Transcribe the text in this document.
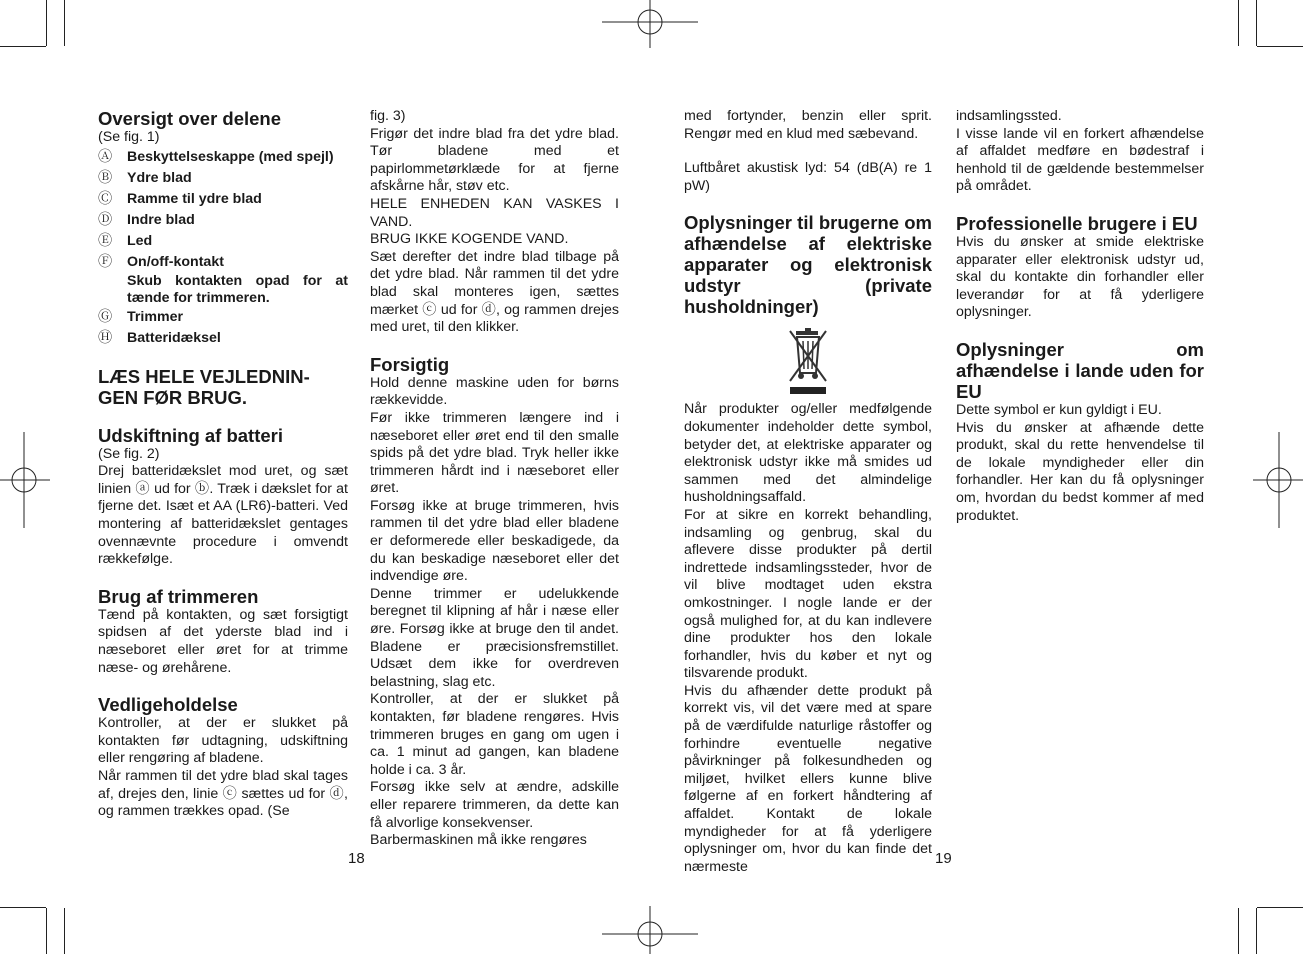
Oversigt over delene

(Se fig. 1)

Ⓐ	Beskyttelseskappe (med spejl)
Ⓑ	Ydre blad
Ⓒ	Ramme til ydre blad
Ⓓ	Indre blad
Ⓔ	Led
Ⓕ	On/off-kontakt
Skub kontakten opad for at tænde for trimmeren.
Ⓖ	Trimmer
Ⓗ	Batteridæksel
LÆS HELE VEJLEDNIN-GEN FØR BRUG.
Udskiftning af batteri

(Se fig. 2)

Drej batteridækslet mod uret, og sæt linien ⓐ ud for ⓑ. Træk i dækslet for at fjerne det. Isæt et AA (LR6)-batteri. Ved montering af batteridækslet gentages ovennævnte procedure i omvendt rækkefølge.

Brug af trimmeren

Tænd på kontakten, og sæt forsigtigt spidsen af det yderste blad ind i næseboret eller øret for at trimme næse- og ørehårene.

Vedligeholdelse

Kontroller, at der er slukket på kontakten før udtagning, udskiftning eller rengøring af bladene.

Når rammen til det ydre blad skal tages af, drejes den, linie ⓒ sættes ud for ⓓ, og rammen trækkes opad. (Se

fig. 3)

Frigør det indre blad fra det ydre blad. Tør bladene med et papirlommetørklæde for at fjerne afskårne hår, støv etc.

HELE ENHEDEN KAN VASKES I VAND.

BRUG IKKE KOGENDE VAND.

Sæt derefter det indre blad tilbage på det ydre blad. Når rammen til det ydre blad skal monteres igen, sættes mærket ⓒ ud for ⓓ, og rammen drejes med uret, til den klikker.

Forsigtig

Hold denne maskine uden for børns rækkevidde.

Før ikke trimmeren længere ind i næseboret eller øret end til den smalle spids på det ydre blad. Tryk heller ikke trimmeren hårdt ind i næseboret eller øret.

Forsøg ikke at bruge trimmeren, hvis rammen til det ydre blad eller bladene er deformerede eller beskadigede, da du kan beskadige næseboret eller det indvendige øre.

Denne trimmer er udelukkende beregnet til klipning af hår i næse eller øre. Forsøg ikke at bruge den til andet. Bladene er præcisionsfremstillet. Udsæt dem ikke for overdreven belastning, slag etc.

Kontroller, at der er slukket på kontakten, før bladene rengøres. Hvis trimmeren bruges en gang om ugen i ca. 1 minut ad gangen, kan bladene holde i ca. 3 år.

Forsøg ikke selv at ændre, adskille eller reparere trimmeren, da dette kan få alvorlige konsekvenser.

Barbermaskinen må ikke rengøres

med fortynder, benzin eller sprit. Rengør med en klud med sæbevand.

Luftbåret akustisk lyd: 54 (dB(A) re 1 pW)

Oplysninger til brugerne om afhændelse af elektriske apparater og elektronisk udstyr (private husholdninger)

Når produkter og/eller medfølgende dokumenter indeholder dette symbol, betyder det, at elektriske apparater og elektronisk udstyr ikke må smides ud sammen med det almindelige husholdningsaffald.

For at sikre en korrekt behandling, indsamling og genbrug, skal du aflevere disse produkter på dertil indrettede indsamlingssteder, hvor de vil blive modtaget uden ekstra omkostninger. I nogle lande er der også mulighed for, at du kan indlevere dine produkter hos den lokale forhandler, hvis du køber et nyt og tilsvarende produkt.

Hvis du afhænder dette produkt på korrekt vis, vil det være med at spare på de værdifulde naturlige råstoffer og forhindre eventuelle negative påvirkninger på folkesundheden og miljøet, hvilket ellers kunne blive følgerne af en forkert håndtering af affaldet. Kontakt de lokale myndigheder for at få yderligere oplysninger om, hvor du kan finde det nærmeste

indsamlingssted.

I visse lande vil en forkert afhændelse af affaldet medføre en bødestraf i henhold til de gældende bestemmelser på området.

Professionelle brugere i EU

Hvis du ønsker at smide elektriske apparater eller elektronisk udstyr ud, skal du kontakte din forhandler eller leverandør for at få yderligere oplysninger.

Oplysninger om afhændelse i lande uden for EU

Dette symbol er kun gyldigt i EU.

Hvis du ønsker at afhænde dette produkt, skal du rette henvendelse til de lokale myndigheder eller din forhandler. Her kan du få oplysninger om, hvordan du bedst kommer af med produktet.

18	19
